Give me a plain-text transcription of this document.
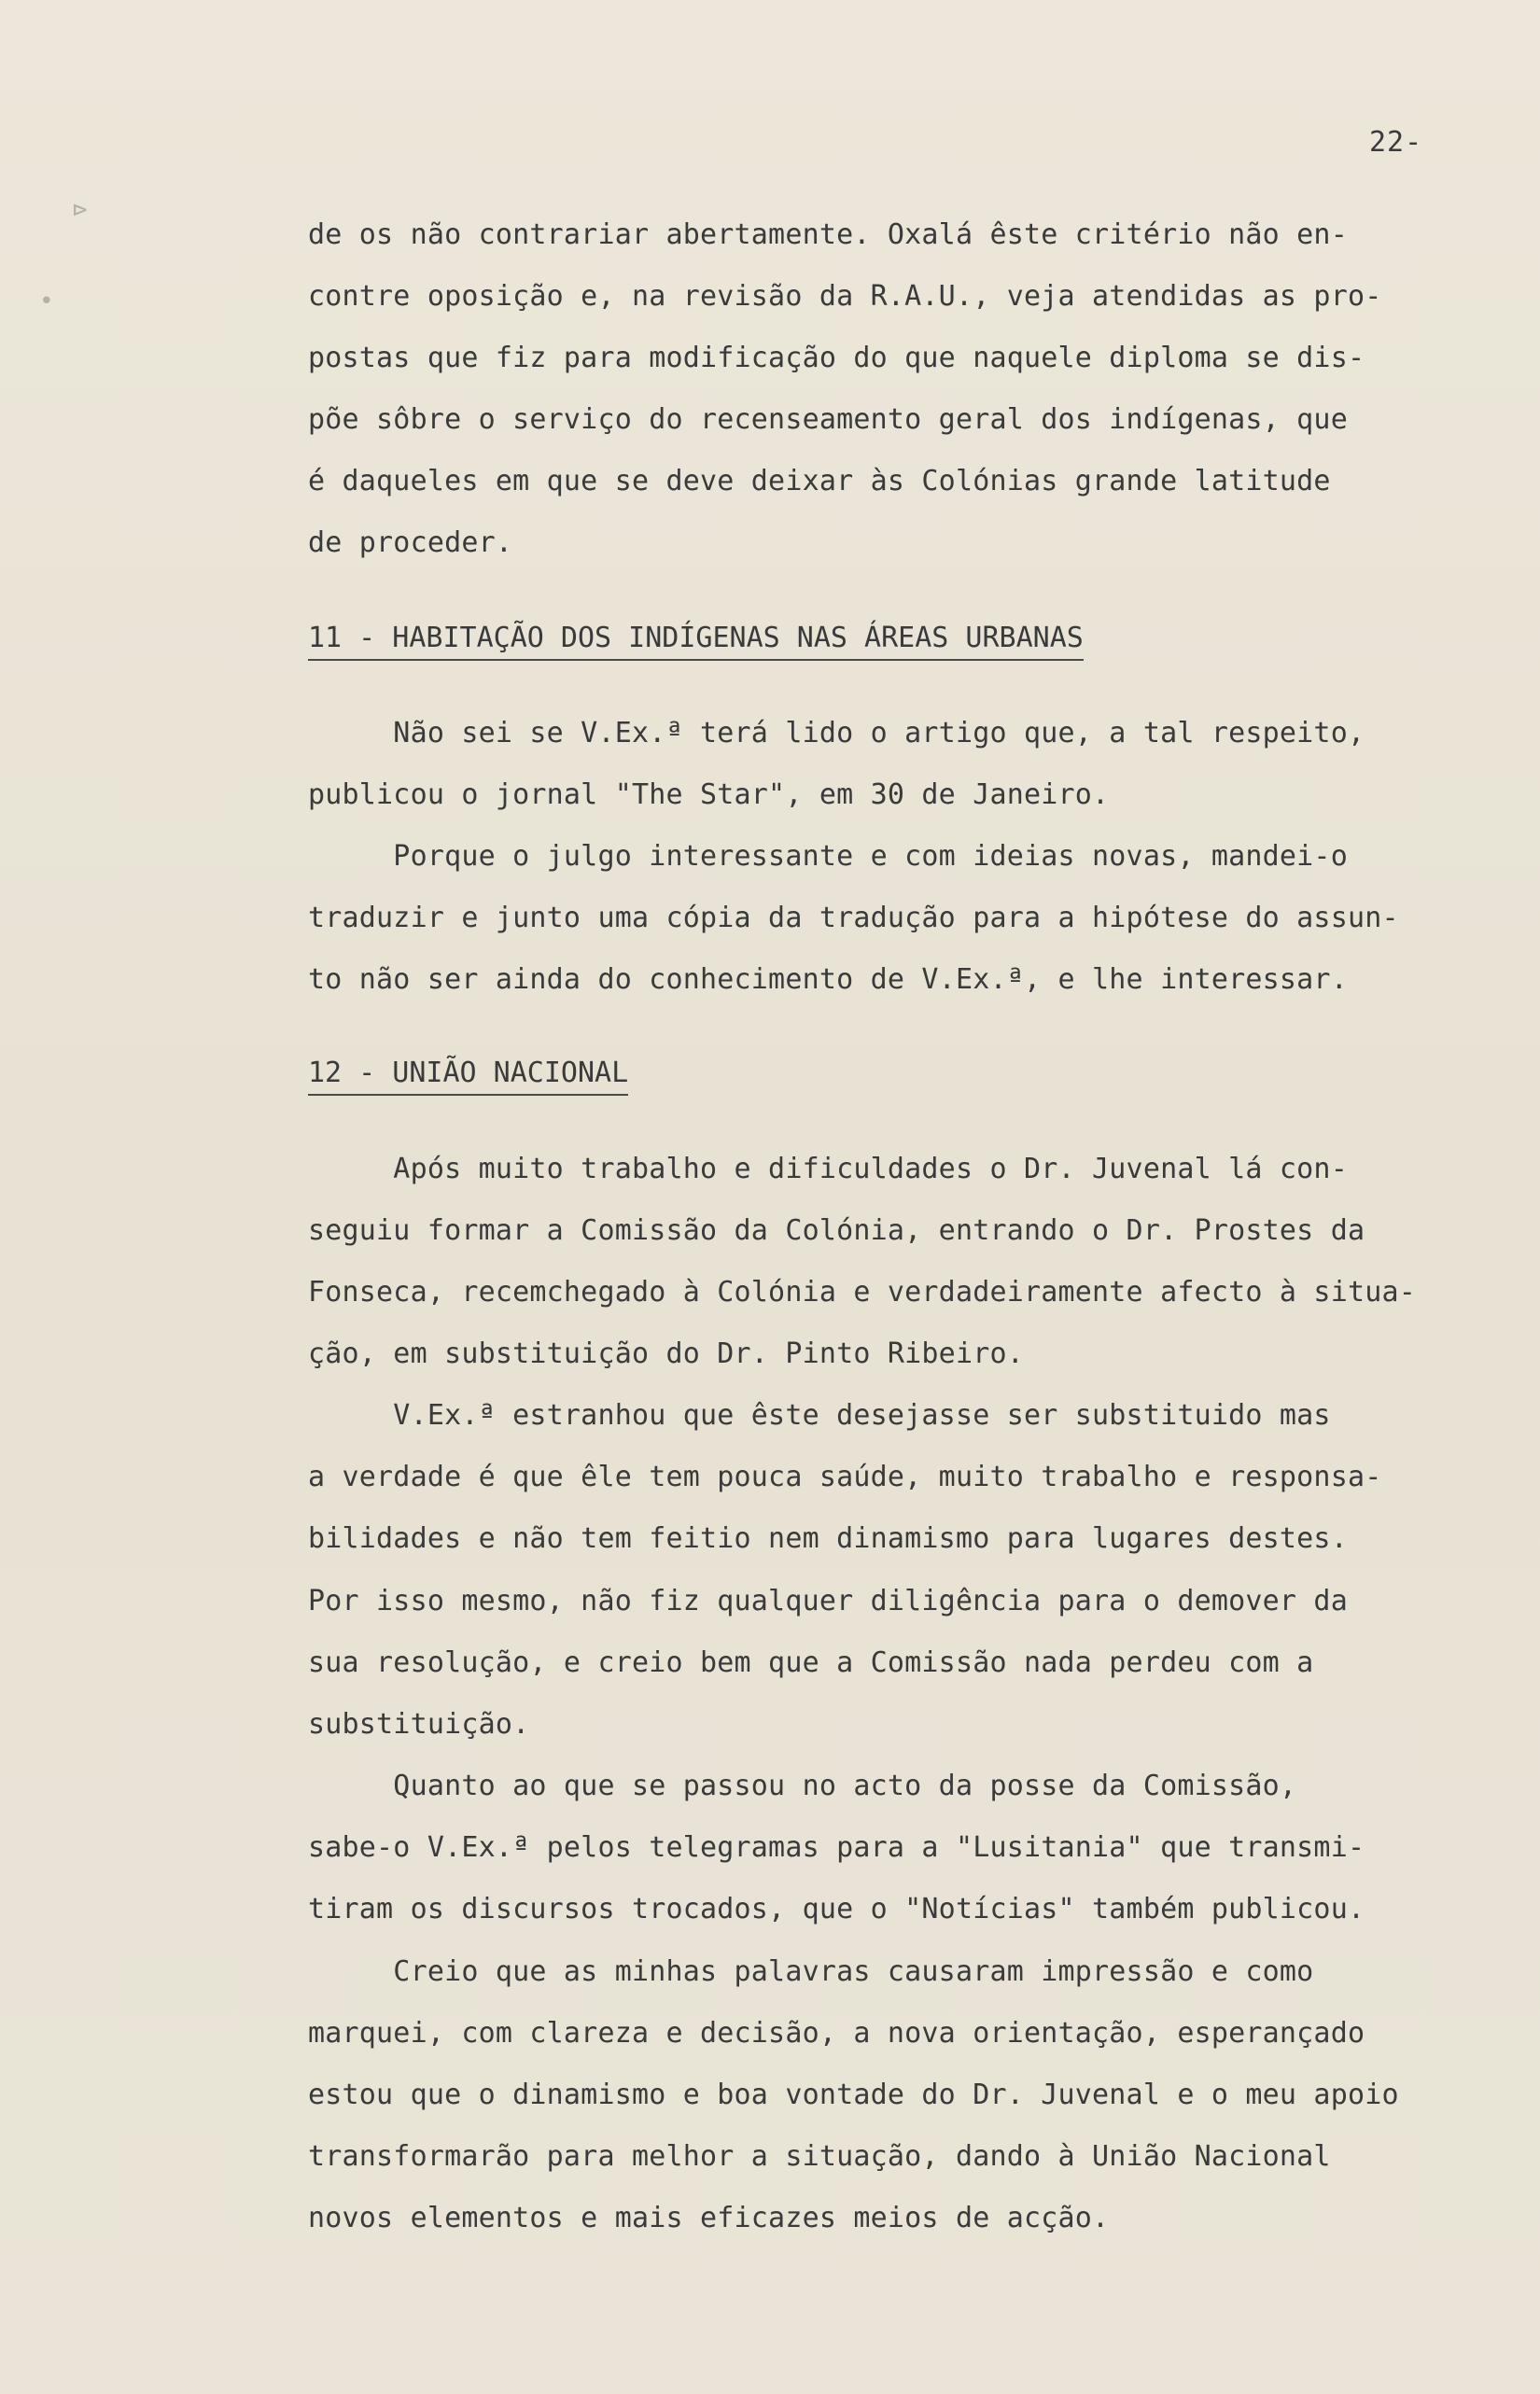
⊳
•
22-
de os não contrariar abertamente. Oxalá êste critério não en-
contre oposição e, na revisão da R.A.U., veja atendidas as pro-
postas que fiz para modificação do que naquele diploma se dis-
põe sôbre o serviço do recenseamento geral dos indígenas, que
é daqueles em que se deve deixar às Colónias grande latitude
de proceder.
11 - HABITAÇÃO DOS INDÍGENAS NAS ÁREAS URBANAS
Não sei se V.Ex.ª terá lido o artigo que, a tal respeito,
publicou o jornal "The Star", em 30 de Janeiro.
Porque o julgo interessante e com ideias novas, mandei-o
traduzir e junto uma cópia da tradução para a hipótese do assun-
to não ser ainda do conhecimento de V.Ex.ª, e lhe interessar.
12 - UNIÃO NACIONAL
Após muito trabalho e dificuldades o Dr. Juvenal lá con-
seguiu formar a Comissão da Colónia, entrando o Dr. Prostes da
Fonseca, recemchegado à Colónia e verdadeiramente afecto à situa-
ção, em substituição do Dr. Pinto Ribeiro.
V.Ex.ª estranhou que êste desejasse ser substituido mas
a verdade é que êle tem pouca saúde, muito trabalho e responsa-
bilidades e não tem feitio nem dinamismo para lugares destes.
Por isso mesmo, não fiz qualquer diligência para o demover da
sua resolução, e creio bem que a Comissão nada perdeu com a
substituição.
Quanto ao que se passou no acto da posse da Comissão,
sabe-o V.Ex.ª pelos telegramas para a "Lusitania" que transmi-
tiram os discursos trocados, que o "Notícias" também publicou.
Creio que as minhas palavras causaram impressão e como
marquei, com clareza e decisão, a nova orientação, esperançado
estou que o dinamismo e boa vontade do Dr. Juvenal e o meu apoio
transformarão para melhor a situação, dando à União Nacional
novos elementos e mais eficazes meios de acção.
